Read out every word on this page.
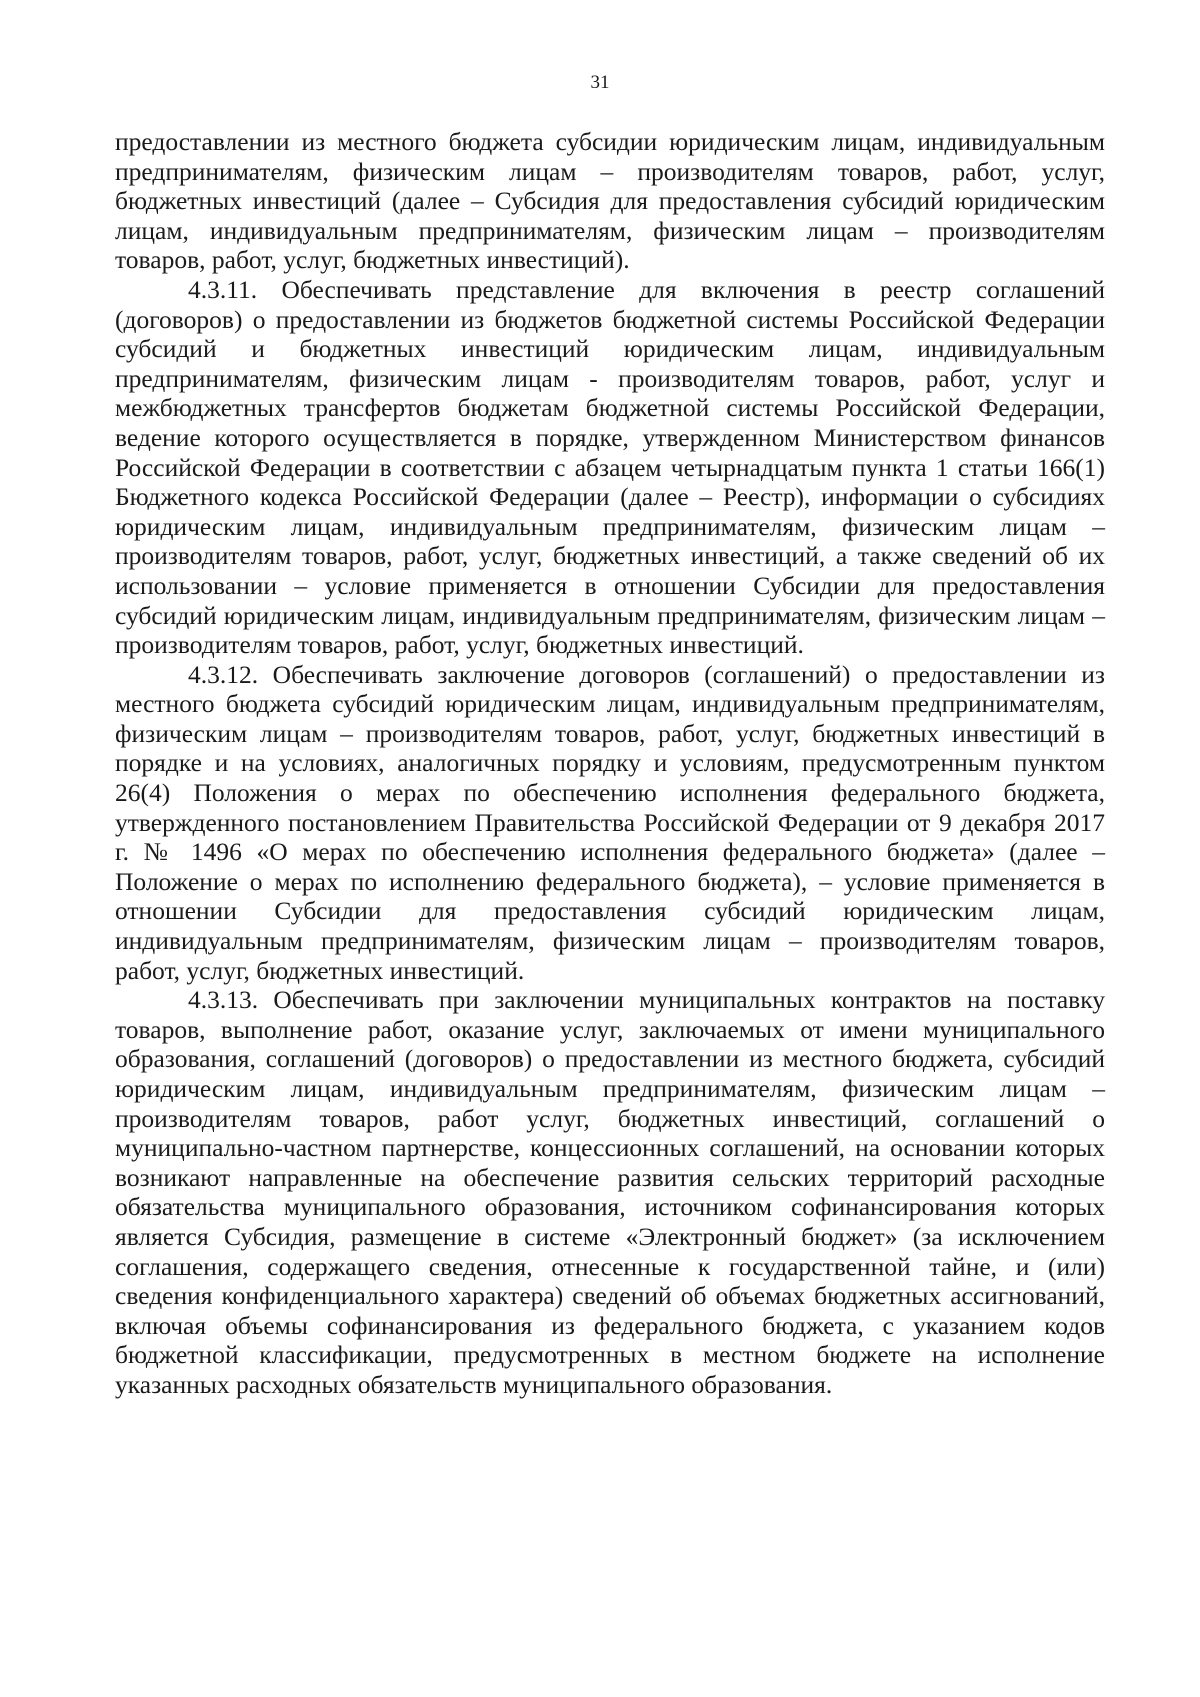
31

предоставлении из местного бюджета субсидии юридическим лицам, индивидуальным предпринимателям, физическим лицам – производителям товаров, работ, услуг, бюджетных инвестиций (далее – Субсидия для предоставления субсидий юридическим лицам, индивидуальным предпринимателям, физическим лицам – производителям товаров, работ, услуг, бюджетных инвестиций).

4.3.11. Обеспечивать представление для включения в реестр соглашений (договоров) о предоставлении из бюджетов бюджетной системы Российской Федерации субсидий и бюджетных инвестиций юридическим лицам, индивидуальным предпринимателям, физическим лицам - производителям товаров, работ, услуг и межбюджетных трансфертов бюджетам бюджетной системы Российской Федерации, ведение которого осуществляется в порядке, утвержденном Министерством финансов Российской Федерации в соответствии с абзацем четырнадцатым пункта 1 статьи 166(1) Бюджетного кодекса Российской Федерации (далее – Реестр), информации о субсидиях юридическим лицам, индивидуальным предпринимателям, физическим лицам – производителям товаров, работ, услуг, бюджетных инвестиций, а также сведений об их использовании – условие применяется в отношении Субсидии для предоставления субсидий юридическим лицам, индивидуальным предпринимателям, физическим лицам – производителям товаров, работ, услуг, бюджетных инвестиций.

4.3.12. Обеспечивать заключение договоров (соглашений) о предоставлении из местного бюджета субсидий юридическим лицам, индивидуальным предпринимателям, физическим лицам – производителям товаров, работ, услуг, бюджетных инвестиций в порядке и на условиях, аналогичных порядку и условиям, предусмотренным пунктом 26(4) Положения о мерах по обеспечению исполнения федерального бюджета, утвержденного постановлением Правительства Российской Федерации от 9 декабря 2017 г. № 1496 «О мерах по обеспечению исполнения федерального бюджета» (далее – Положение о мерах по исполнению федерального бюджета), – условие применяется в отношении Субсидии для предоставления субсидий юридическим лицам, индивидуальным предпринимателям, физическим лицам – производителям товаров, работ, услуг, бюджетных инвестиций.

4.3.13. Обеспечивать при заключении муниципальных контрактов на поставку товаров, выполнение работ, оказание услуг, заключаемых от имени муниципального образования, соглашений (договоров) о предоставлении из местного бюджета, субсидий юридическим лицам, индивидуальным предпринимателям, физическим лицам – производителям товаров, работ услуг, бюджетных инвестиций, соглашений о муниципально-частном партнерстве, концессионных соглашений, на основании которых возникают направленные на обеспечение развития сельских территорий расходные обязательства муниципального образования, источником софинансирования которых является Субсидия, размещение в системе «Электронный бюджет» (за исключением соглашения, содержащего сведения, отнесенные к государственной тайне, и (или) сведения конфиденциального характера) сведений об объемах бюджетных ассигнований, включая объемы софинансирования из федерального бюджета, с указанием кодов бюджетной классификации, предусмотренных в местном бюджете на исполнение указанных расходных обязательств муниципального образования.
